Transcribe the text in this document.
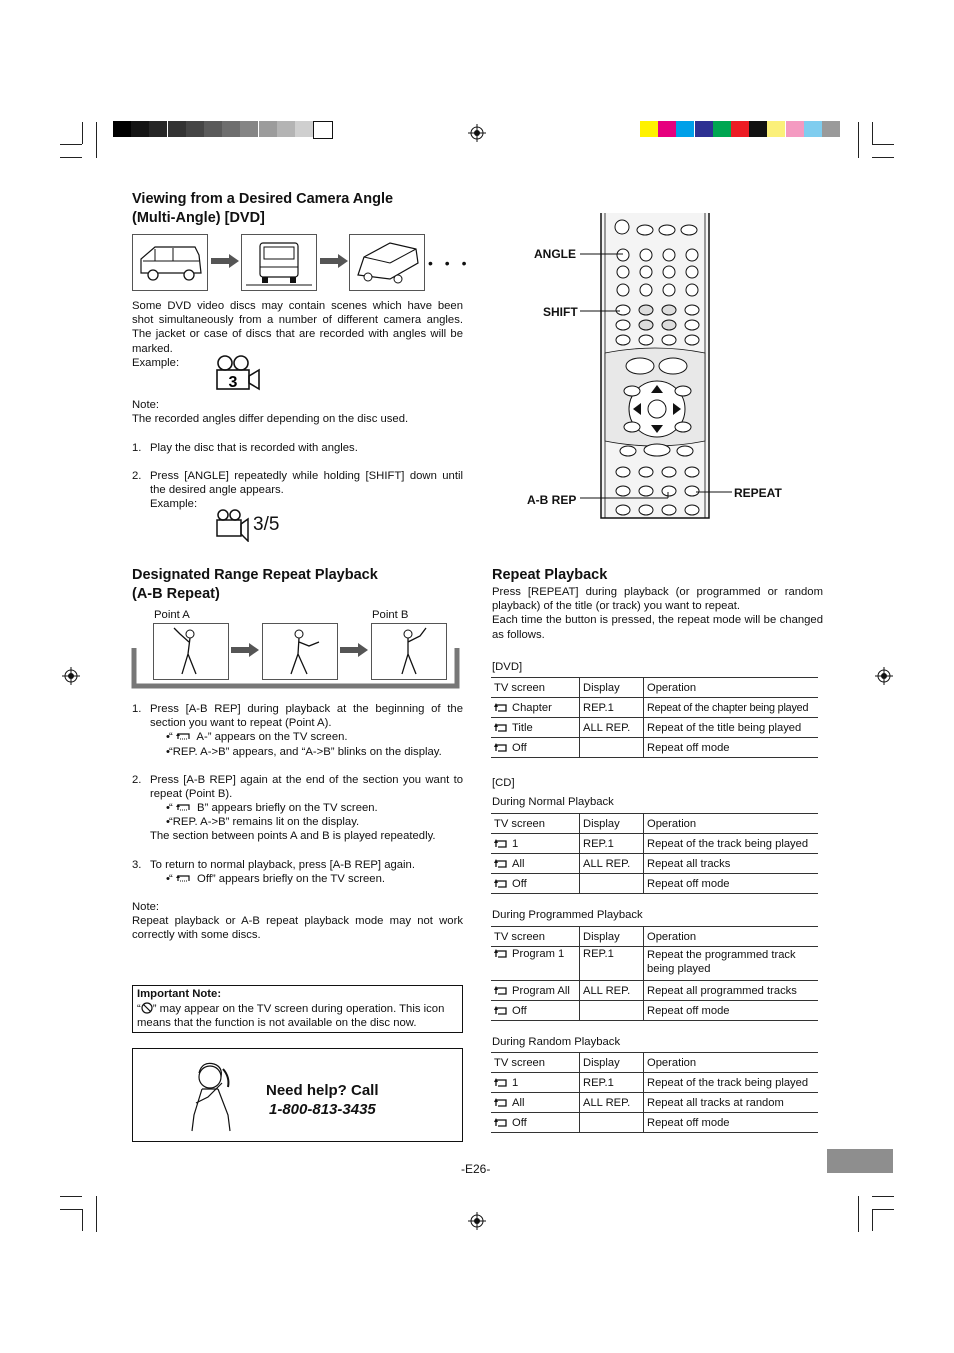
Viewing from a Desired Camera Angle
(Multi-Angle) [DVD]
• • •
Some DVD video discs may contain scenes which have been
shot simultaneously from a number of different camera angles.
The jacket or case of discs that are recorded with angles will be
marked.
Example:
3
Note:
The recorded angles differ depending on the disc used.
1. Play the disc that is recorded with angles.
2. Press [ANGLE] repeatedly while holding [SHIFT] down until
the desired angle appears.
Example:
3/5
ANGLE
SHIFT
A-B REP	REPEAT
Designated Range Repeat Playback
(A-B Repeat)
Point A	Point B
1. Press [A-B REP] during playback at the beginning of the
section you want to repeat (Point A).
• “  A-” appears on the TV screen.
• “REP. A->B” appears, and “A->B” blinks on the display.
2. Press [A-B REP] again at the end of the section you want to
repeat (Point B).
• “  B” appears briefly on the TV screen.
• “REP. A->B” remains lit on the display.
The section between points A and B is played repeatedly.
3. To return to normal playback, press [A-B REP] again.
• “  Off” appears briefly on the TV screen.
Note:
Repeat playback or A-B repeat playback mode may not work
correctly with some discs.
Important Note:
“ ” may appear on the TV screen during operation. This icon
means that the function is not available on the disc now.
Need help? Call
1-800-813-3435
Repeat Playback
Press [REPEAT] during playback (or programmed or random
playback) of the title (or track) you want to repeat.
Each time the button is pressed, the repeat mode will be changed
as follows.
[DVD]
TV screen	Display	Operation
Chapter	REP.1	Repeat of the chapter being played
Title	ALL REP.	Repeat of the title being played
Off		Repeat off mode
[CD]
During Normal Playback
TV screen	Display	Operation
1	REP.1	Repeat of the track being played
All	ALL REP.	Repeat all tracks
Off		Repeat off mode
During Programmed Playback
TV screen	Display	Operation
Program 1	REP.1	Repeat the programmed track
being played

Program All	ALL REP.	Repeat all programmed tracks
Off		Repeat off mode
During Random Playback
TV screen	Display	Operation
1	REP.1	Repeat of the track being played
All	ALL REP.	Repeat all tracks at random
Off		Repeat off mode
-E26-
